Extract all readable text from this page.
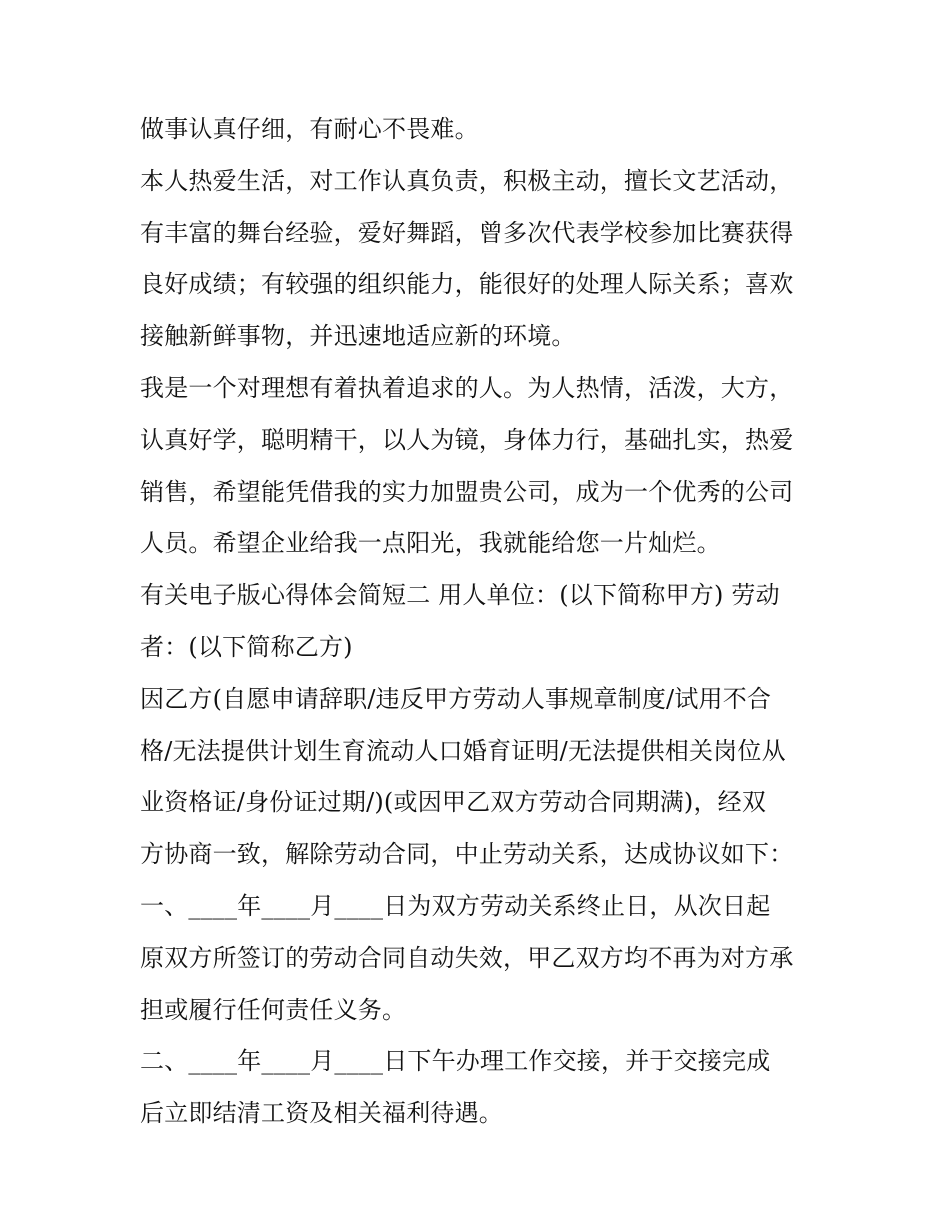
做事认真仔细，有耐心不畏难。
本人热爱生活，对工作认真负责，积极主动，擅长文艺活动，
有丰富的舞台经验，爱好舞蹈，曾多次代表学校参加比赛获得
良好成绩；有较强的组织能力，能很好的处理人际关系；喜欢
接触新鲜事物，并迅速地适应新的环境。
我是一个对理想有着执着追求的人。为人热情，活泼，大方，
认真好学，聪明精干，以人为镜，身体力行，基础扎实，热爱
销售，希望能凭借我的实力加盟贵公司，成为一个优秀的公司
人员。希望企业给我一点阳光，我就能给您一片灿烂。
有关电子版心得体会简短二 用人单位：(以下简称甲方) 劳动
者：(以下简称乙方)
因乙方(自愿申请辞职/违反甲方劳动人事规章制度/试用不合
格/无法提供计划生育流动人口婚育证明/无法提供相关岗位从
业资格证/身份证过期/)(或因甲乙双方劳动合同期满)，经双
方协商一致，解除劳动合同，中止劳动关系，达成协议如下：
一、____年____月____日为双方劳动关系终止日，从次日起
原双方所签订的劳动合同自动失效，甲乙双方均不再为对方承
担或履行任何责任义务。
二、____年____月____日下午办理工作交接，并于交接完成
后立即结清工资及相关福利待遇。
